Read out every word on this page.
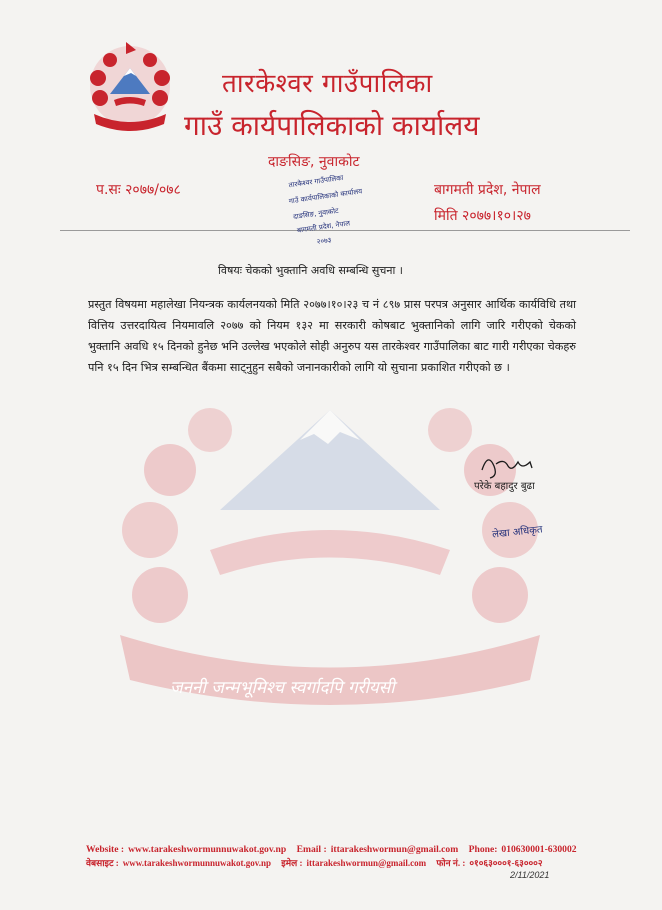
जननी जन्मभूमिश्च स्वर्गादपि गरीयसी
तारकेश्वर गाउँपालिका
गाउँ कार्यपालिकाको कार्यालय
दाङसिङ, नुवाकोट
प.सः २०७७/०७८	बागमती प्रदेश, नेपाल
मिति २०७७।१०।२७
तारकेश्वर गाउँपालिका
गाउँ कार्यपालिकाको कार्यालय
दाङसिङ, नुवाकोट
बागमती प्रदेश, नेपाल
२०७३
विषयः चेकको भुक्तानि अवधि सम्बन्धि सुचना ।
प्रस्तुत विषयमा महालेखा नियन्त्रक कार्यलनयको मिति २०७७।१०।२३ च नं ८९७ प्रास परपत्र अनुसार आर्थिक कार्यविधि तथा वित्तिय उत्तरदायित्व नियमावलि २०७७ को नियम १३२ मा सरकारी कोषबाट भुक्तानिको लागि जारि गरीएको चेकको भुक्तानि अवधि १५ दिनको हुनेछ भनि उल्लेख भएकोले सोही अनुरुप यस तारकेश्वर गाउँपालिका बाट गारी गरीएका चेकहरु पनि १५ दिन भित्र सम्बन्धित बैंकमा साट्नुहुन सबैको जनानकारीको लागि यो सुचाना प्रकाशित गरीएको छ ।
परेके बहादुर बुढा
लेखा अधिकृत
Website : www.tarakeshwormunnuwakot.gov.np Email : ittarakeshwormun@gmail.com Phone: 010630001-630002
वेबसाइट : www.tarakeshwormunnuwakot.gov.np इमेल : ittarakeshwormun@gmail.com फोन नं. : ०१०६३०००१-६३०००२
2/11/2021
